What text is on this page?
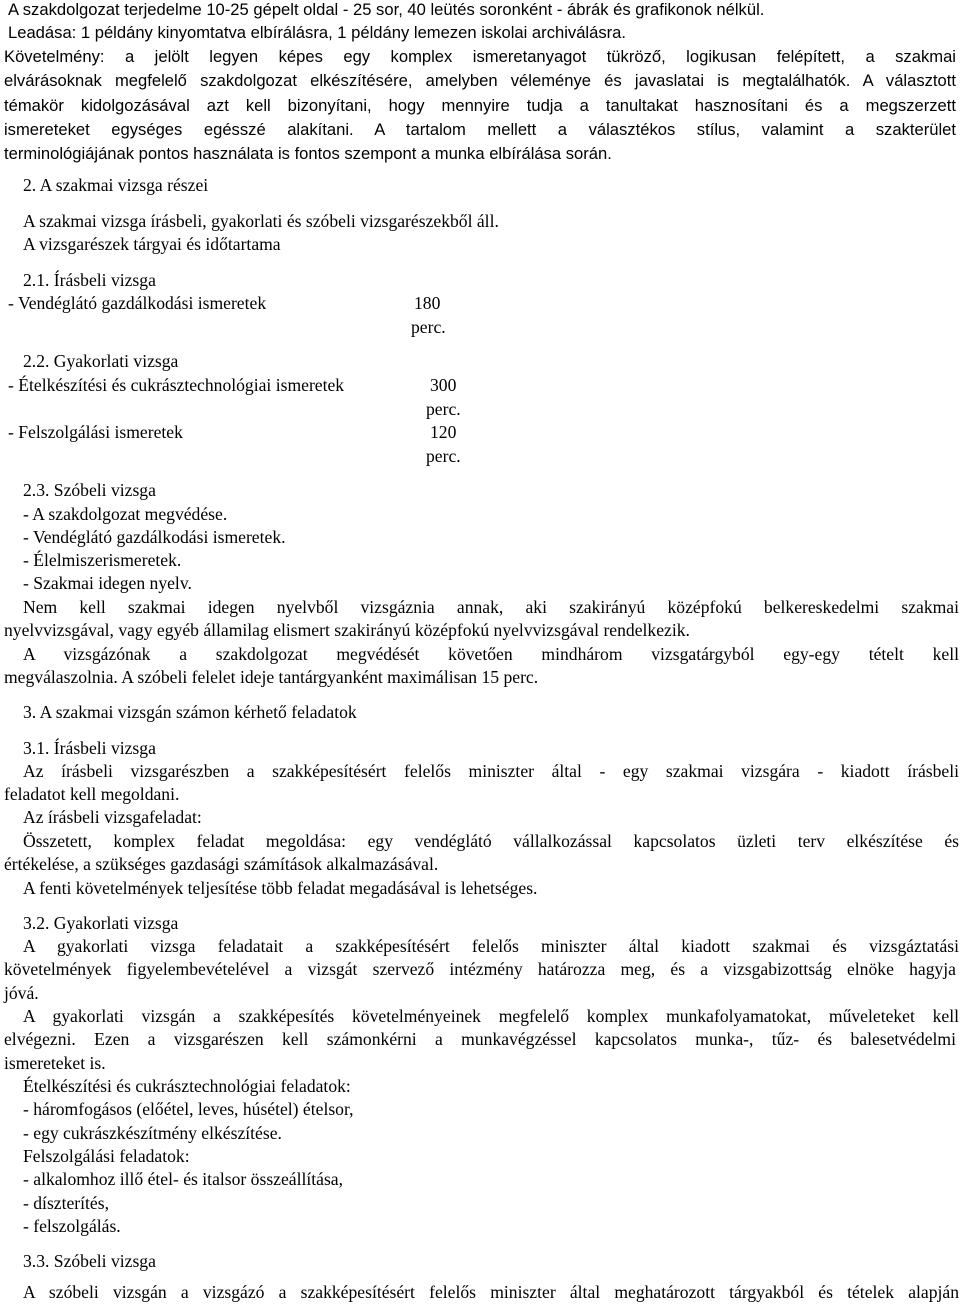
A szakdolgozat terjedelme 10-25 gépelt oldal - 25 sor, 40 leütés soronként - ábrák és grafikonok nélkül.

Leadása: 1 példány kinyomtatva elbírálásra, 1 példány lemezen iskolai archiválásra.

Követelmény: a jelölt legyen képes egy komplex ismeretanyagot tükröző, logikusan felépített, a szakmai

elvárásoknak megfelelő szakdolgozat elkészítésére, amelyben véleménye és javaslatai is megtalálhatók. A választott

témakör kidolgozásával azt kell bizonyítani, hogy mennyire tudja a tanultakat hasznosítani és a megszerzett

ismereteket egységes egésszé alakítani. A tartalom mellett a választékos stílus, valamint a szakterület

terminológiájának pontos használata is fontos szempont a munka elbírálása során.

2. A szakmai vizsga részei

A szakmai vizsga írásbeli, gyakorlati és szóbeli vizsgarészekből áll.

A vizsgarészek tárgyai és időtartama

2.1. Írásbeli vizsga

- Vendéglátó gazdálkodási ismeretek	180

perc.

2.2. Gyakorlati vizsga

- Ételkészítési és cukrásztechnológiai ismeretek	300

perc.

- Felszolgálási ismeretek	120

perc.

2.3. Szóbeli vizsga

- A szakdolgozat megvédése.

- Vendéglátó gazdálkodási ismeretek.

- Élelmiszerismeretek.

- Szakmai idegen nyelv.

Nem kell szakmai idegen nyelvből vizsgáznia annak, aki szakirányú középfokú belkereskedelmi szakmai

nyelvvizsgával, vagy egyéb államilag elismert szakirányú középfokú nyelvvizsgával rendelkezik.

A vizsgázónak a szakdolgozat megvédését követően mindhárom vizsgatárgyból egy-egy tételt kell

megválaszolnia. A szóbeli felelet ideje tantárgyanként maximálisan 15 perc.

3. A szakmai vizsgán számon kérhető feladatok

3.1. Írásbeli vizsga

Az írásbeli vizsgarészben a szakképesítésért felelős miniszter által - egy szakmai vizsgára - kiadott írásbeli

feladatot kell megoldani.

Az írásbeli vizsgafeladat:

Összetett, komplex feladat megoldása: egy vendéglátó vállalkozással kapcsolatos üzleti terv elkészítése és

értékelése, a szükséges gazdasági számítások alkalmazásával.

A fenti követelmények teljesítése több feladat megadásával is lehetséges.

3.2. Gyakorlati vizsga

A gyakorlati vizsga feladatait a szakképesítésért felelős miniszter által kiadott szakmai és vizsgáztatási

követelmények figyelembevételével a vizsgát szervező intézmény határozza meg, és a vizsgabizottság elnöke hagyja

jóvá.

A gyakorlati vizsgán a szakképesítés követelményeinek megfelelő komplex munkafolyamatokat, műveleteket kell

elvégezni. Ezen a vizsgarészen kell számonkérni a munkavégzéssel kapcsolatos munka-, tűz- és balesetvédelmi

ismereteket is.

Ételkészítési és cukrásztechnológiai feladatok:

- háromfogásos (előétel, leves, húsétel) ételsor,

- egy cukrászkészítmény elkészítése.

Felszolgálási feladatok:

- alkalomhoz illő étel- és italsor összeállítása,

- díszterítés,

- felszolgálás.

3.3. Szóbeli vizsga

A szóbeli vizsgán a vizsgázó a szakképesítésért felelős miniszter által meghatározott tárgyakból és tételek alapján
